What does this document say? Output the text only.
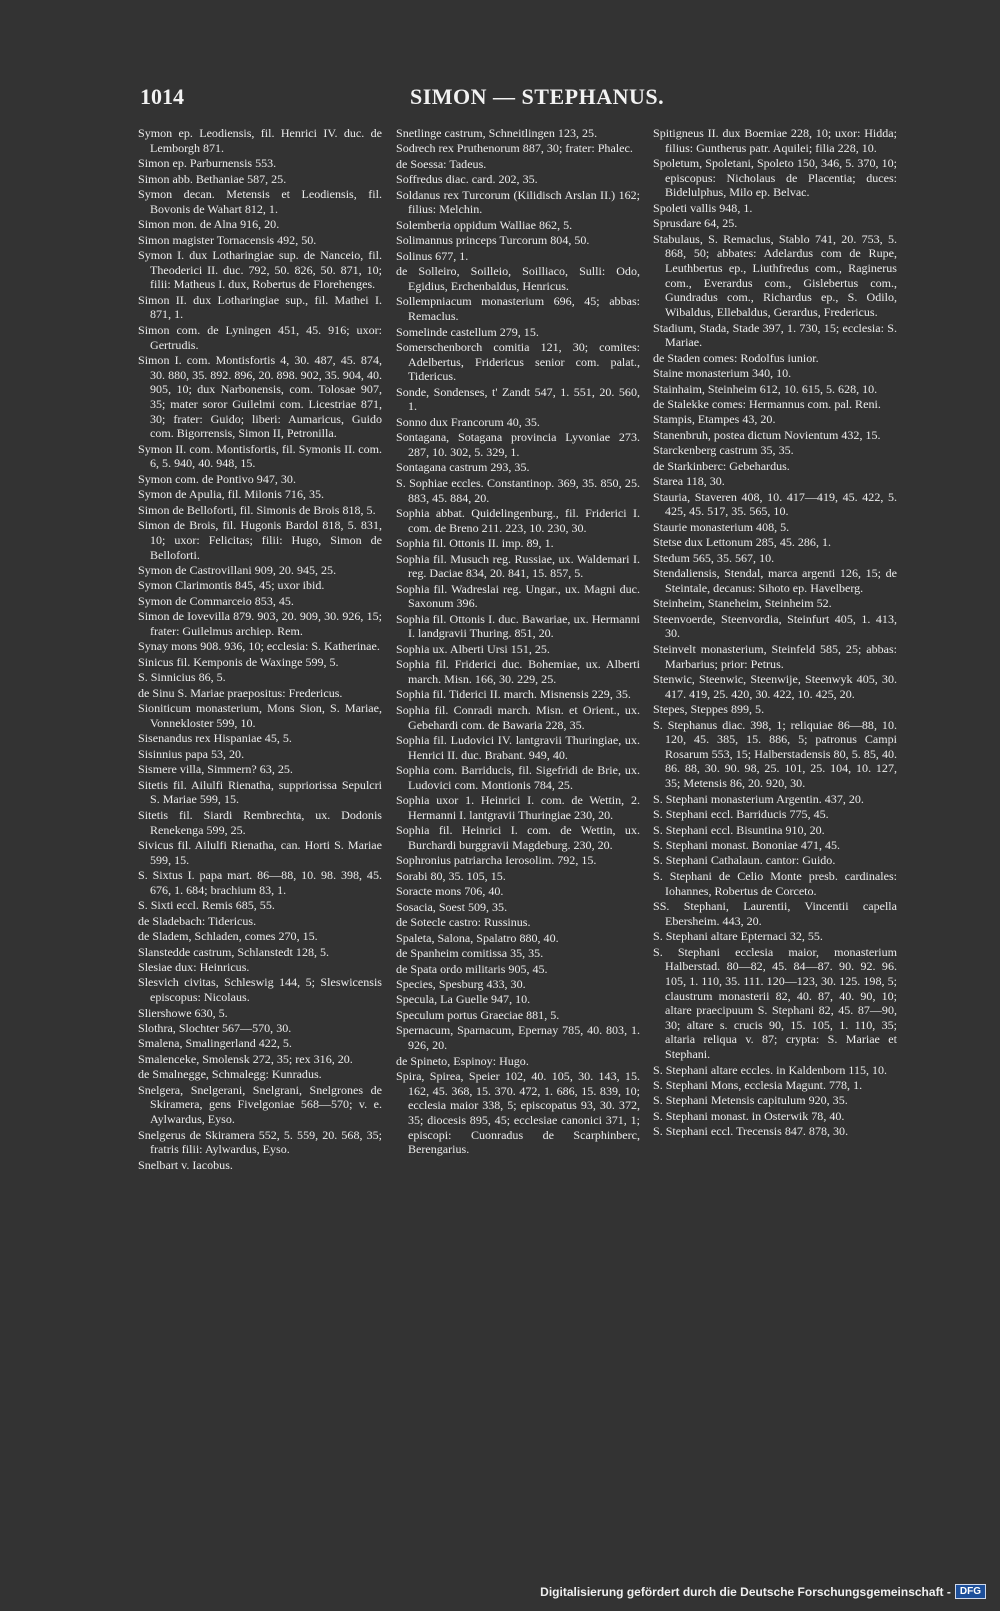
1014	SIMON — STEPHANUS.
Symon ep. Leodiensis, fil. Henrici IV. duc. de Lemborgh 871.
Simon ep. Parburnensis 553.
Simon abb. Bethaniae 587, 25.
Symon decan. Metensis et Leodiensis, fil. Bovonis de Wahart 812, 1.
Simon mon. de Alna 916, 20.
Simon magister Tornacensis 492, 50.
Symon I. dux Lotharingiae sup. de Nanceio, fil. Theoderici II. duc. 792, 50. 826, 50. 871, 10; filii: Matheus I. dux, Robertus de Florehenges.
Simon II. dux Lotharingiae sup., fil. Mathei I. 871, 1.
Simon com. de Lyningen 451, 45. 916; uxor: Gertrudis.
Simon I. com. Montisfortis 4, 30. 487, 45. 874, 30. 880, 35. 892. 896, 20. 898. 902, 35. 904, 40. 905, 10; dux Narbonensis, com. Tolosae 907, 35; mater soror Guilelmi com. Licestriae 871, 30; frater: Guido; liberi: Aumaricus, Guido com. Bigorrensis, Simon II, Petronilla.
Symon II. com. Montisfortis, fil. Symonis II. com. 6, 5. 940, 40. 948, 15.
Symon com. de Pontivo 947, 30.
Symon de Apulia, fil. Milonis 716, 35.
Simon de Belloforti, fil. Simonis de Brois 818, 5.
Simon de Brois, fil. Hugonis Bardol 818, 5. 831, 10; uxor: Felicitas; filii: Hugo, Simon de Belloforti.
Symon de Castrovillani 909, 20. 945, 25.
Symon Clarimontis 845, 45; uxor ibid.
Symon de Commarceio 853, 45.
Simon de Iovevilla 879. 903, 20. 909, 30. 926, 15; frater: Guilelmus archiep. Rem.
Synay mons 908. 936, 10; ecclesia: S. Katherinae.
Sinicus fil. Kemponis de Waxinge 599, 5.
S. Sinnicius 86, 5.
de Sinu S. Mariae praepositus: Fredericus.
Sioniticum monasterium, Mons Sion, S. Mariae, Vonnekloster 599, 10.
Sisenandus rex Hispaniae 45, 5.
Sisinnius papa 53, 20.
Sismere villa, Simmern? 63, 25.
Sitetis fil. Ailulfi Rienatha, suppriorissa Sepulcri S. Mariae 599, 15.
Sitetis fil. Siardi Rembrechta, ux. Dodonis Renekenga 599, 25.
Sivicus fil. Ailulfi Rienatha, can. Horti S. Mariae 599, 15.
S. Sixtus I. papa mart. 86—88, 10. 98. 398, 45. 676, 1. 684; brachium 83, 1.
S. Sixti eccl. Remis 685, 55.
de Sladebach: Tidericus.
de Sladem, Schladen, comes 270, 15.
Slanstedde castrum, Schlanstedt 128, 5.
Slesiae dux: Heinricus.
Slesvich civitas, Schleswig 144, 5; Sleswicensis episcopus: Nicolaus.
Sliershowe 630, 5.
Slothra, Slochter 567—570, 30.
Smalena, Smalingerland 422, 5.
Smalenceke, Smolensk 272, 35; rex 316, 20.
de Smalnegge, Schmalegg: Kunradus.
Snelgera, Snelgerani, Snelgrani, Snelgrones de Skiramera, gens Fivelgoniae 568—570; v. e. Aylwardus, Eyso.
Snelgerus de Skiramera 552, 5. 559, 20. 568, 35; fratris filii: Aylwardus, Eyso.
Snelbart v. Iacobus.
Snetlinge castrum, Schneitlingen 123, 25.
Sodrech rex Pruthenorum 887, 30; frater: Phalec.
de Soessa: Tadeus.
Soffredus diac. card. 202, 35.
Soldanus rex Turcorum (Kilidisch Arslan II.) 162; filius: Melchin.
Solemberia oppidum Walliae 862, 5.
Solimannus princeps Turcorum 804, 50.
Solinus 677, 1.
de Solleiro, Soilleio, Soilliaco, Sulli: Odo, Egidius, Erchenbaldus, Henricus.
Sollempniacum monasterium 696, 45; abbas: Remaclus.
Somelinde castellum 279, 15.
Somerschenborch comitia 121, 30; comites: Adelbertus, Fridericus senior com. palat., Tidericus.
Sonde, Sondenses, t' Zandt 547, 1. 551, 20. 560, 1.
Sonno dux Francorum 40, 35.
Sontagana, Sotagana provincia Lyvoniae 273. 287, 10. 302, 5. 329, 1.
Sontagana castrum 293, 35.
S. Sophiae eccles. Constantinop. 369, 35. 850, 25. 883, 45. 884, 20.
Sophia abbat. Quidelingenburg., fil. Friderici I. com. de Breno 211. 223, 10. 230, 30.
Sophia fil. Ottonis II. imp. 89, 1.
Sophia fil. Musuch reg. Russiae, ux. Waldemari I. reg. Daciae 834, 20. 841, 15. 857, 5.
Sophia fil. Wadreslai reg. Ungar., ux. Magni duc. Saxonum 396.
Sophia fil. Ottonis I. duc. Bawariae, ux. Hermanni I. landgravii Thuring. 851, 20.
Sophia ux. Alberti Ursi 151, 25.
Sophia fil. Friderici duc. Bohemiae, ux. Alberti march. Misn. 166, 30. 229, 25.
Sophia fil. Tiderici II. march. Misnensis 229, 35.
Sophia fil. Conradi march. Misn. et Orient., ux. Gebehardi com. de Bawaria 228, 35.
Sophia fil. Ludovici IV. lantgravii Thuringiae, ux. Henrici II. duc. Brabant. 949, 40.
Sophia com. Barriducis, fil. Sigefridi de Brie, ux. Ludovici com. Montionis 784, 25.
Sophia uxor 1. Heinrici I. com. de Wettin, 2. Hermanni I. lantgravii Thuringiae 230, 20.
Sophia fil. Heinrici I. com. de Wettin, ux. Burchardi burggravii Magdeburg. 230, 20.
Sophronius patriarcha Ierosolim. 792, 15.
Sorabi 80, 35. 105, 15.
Soracte mons 706, 40.
Sosacia, Soest 509, 35.
de Sotecle castro: Russinus.
Spaleta, Salona, Spalatro 880, 40.
de Spanheim comitissa 35, 35.
de Spata ordo militaris 905, 45.
Species, Spesburg 433, 30.
Specula, La Guelle 947, 10.
Speculum portus Graeciae 881, 5.
Spernacum, Sparnacum, Epernay 785, 40. 803, 1. 926, 20.
de Spineto, Espinoy: Hugo.
Spira, Spirea, Speier 102, 40. 105, 30. 143, 15. 162, 45. 368, 15. 370. 472, 1. 686, 15. 839, 10; ecclesia maior 338, 5; episcopatus 93, 30. 372, 35; diocesis 895, 45; ecclesiae canonici 371, 1; episcopi: Cuonradus de Scarphinberc, Berengarius.
Spitigneus II. dux Boemiae 228, 10; uxor: Hidda; filius: Guntherus patr. Aquilei; filia 228, 10.
Spoletum, Spoletani, Spoleto 150, 346, 5. 370, 10; episcopus: Nicholaus de Placentia; duces: Bidelulphus, Milo ep. Belvac.
Spoleti vallis 948, 1.
Sprusdare 64, 25.
Stabulaus, S. Remaclus, Stablo 741, 20. 753, 5. 868, 50; abbates: Adelardus com de Rupe, Leuthbertus ep., Liuthfredus com., Raginerus com., Everardus com., Gislebertus com., Gundradus com., Richardus ep., S. Odilo, Wibaldus, Ellebaldus, Gerardus, Fredericus.
Stadium, Stada, Stade 397, 1. 730, 15; ecclesia: S. Mariae.
de Staden comes: Rodolfus iunior.
Staine monasterium 340, 10.
Stainhaim, Steinheim 612, 10. 615, 5. 628, 10.
de Stalekke comes: Hermannus com. pal. Reni.
Stampis, Etampes 43, 20.
Stanenbruh, postea dictum Novientum 432, 15.
Starckenberg castrum 35, 35.
de Starkinberc: Gebehardus.
Starea 118, 30.
Stauria, Staveren 408, 10. 417—419, 45. 422, 5. 425, 45. 517, 35. 565, 10.
Staurie monasterium 408, 5.
Stetse dux Lettonum 285, 45. 286, 1.
Stedum 565, 35. 567, 10.
Stendaliensis, Stendal, marca argenti 126, 15; de Steintale, decanus: Sihoto ep. Havelberg.
Steinheim, Staneheim, Steinheim 52.
Steenvoerde, Steenvordia, Steinfurt 405, 1. 413, 30.
Steinvelt monasterium, Steinfeld 585, 25; abbas: Marbarius; prior: Petrus.
Stenwic, Steenwic, Steenwije, Steenwyk 405, 30. 417. 419, 25. 420, 30. 422, 10. 425, 20.
Stepes, Steppes 899, 5.
S. Stephanus diac. 398, 1; reliquiae 86—88, 10. 120, 45. 385, 15. 886, 5; patronus Campi Rosarum 553, 15; Halberstadensis 80, 5. 85, 40. 86. 88, 30. 90. 98, 25. 101, 25. 104, 10. 127, 35; Metensis 86, 20. 920, 30.
S. Stephani monasterium Argentin. 437, 20.
S. Stephani eccl. Barriducis 775, 45.
S. Stephani eccl. Bisuntina 910, 20.
S. Stephani monast. Bononiae 471, 45.
S. Stephani Cathalaun. cantor: Guido.
S. Stephani de Celio Monte presb. cardinales: Iohannes, Robertus de Corceto.
SS. Stephani, Laurentii, Vincentii capella Ebersheim. 443, 20.
S. Stephani altare Epternaci 32, 55.
S. Stephani ecclesia maior, monasterium Halberstad. 80—82, 45. 84—87. 90. 92. 96. 105, 1. 110, 35. 111. 120—123, 30. 125. 198, 5; claustrum monasterii 82, 40. 87, 40. 90, 10; altare praecipuum S. Stephani 82, 45. 87—90, 30; altare s. crucis 90, 15. 105, 1. 110, 35; altaria reliqua v. 87; crypta: S. Mariae et Stephani.
S. Stephani altare eccles. in Kaldenborn 115, 10.
S. Stephani Mons, ecclesia Magunt. 778, 1.
S. Stephani Metensis capitulum 920, 35.
S. Stephani monast. in Osterwik 78, 40.
S. Stephani eccl. Trecensis 847. 878, 30.
Digitalisierung gefördert durch die Deutsche Forschungsgemeinschaft - DFG
